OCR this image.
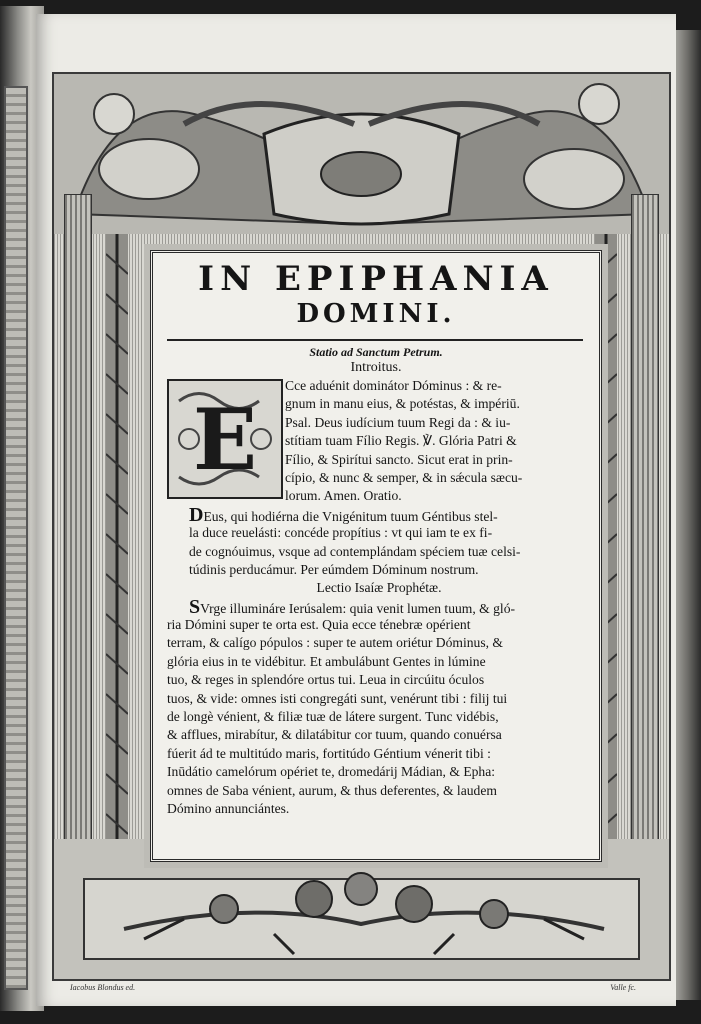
IN EPIPHANIA
DOMINI.
Statio ad Sanctum Petrum.
Introitus.
E
Cce aduénit dominátor Dóminus : & re-
gnum in manu eius, & potéstas, & impériū.
Psal. Deus iudícium tuum Regi da : & iu-
stítiam tuam Fílio Regis. ℣. Glória Patri &
Fílio, & Spirítui sancto. Sicut erat in prin-
cípio, & nunc & semper, & in sǽcula sæcu-
lorum. Amen. Oratio.
DEus, qui hodiérna die Vnigénitum tuum Géntibus stel-
la duce reuelásti: concéde propítius : vt qui iam te ex fi-
de cognóuimus, vsque ad contemplándam spéciem tuæ celsi-
túdinis perducámur. Per eúmdem Dóminum nostrum.
Lectio Isaíæ Prophétæ.
SVrge illumináre Ierúsalem: quia venit lumen tuum, & gló-
ria Dómini super te orta est. Quia ecce ténebræ opérient
terram, & calígo pópulos : super te autem oriétur Dóminus, &
glória eius in te vidébitur. Et ambulábunt Gentes in lúmine
tuo, & reges in splendóre ortus tui. Leua in circúitu óculos
tuos, & vide: omnes isti congregáti sunt, venérunt tibi : filij tui
de longè vénient, & filiæ tuæ de látere surgent. Tunc vidébis,
& afflues, mirabítur, & dilatábitur cor tuum, quando conuérsa
fúerit ád te multitúdo maris, fortitúdo Géntium vénerit tibi :
Inūdátio camelórum opériet te, dromedárij Mádian, & Epha:
omnes de Saba vénient, aurum, & thus deferentes, & laudem
Dómino annunciántes.
Iacobus Blondus ed.	Valle fc.
